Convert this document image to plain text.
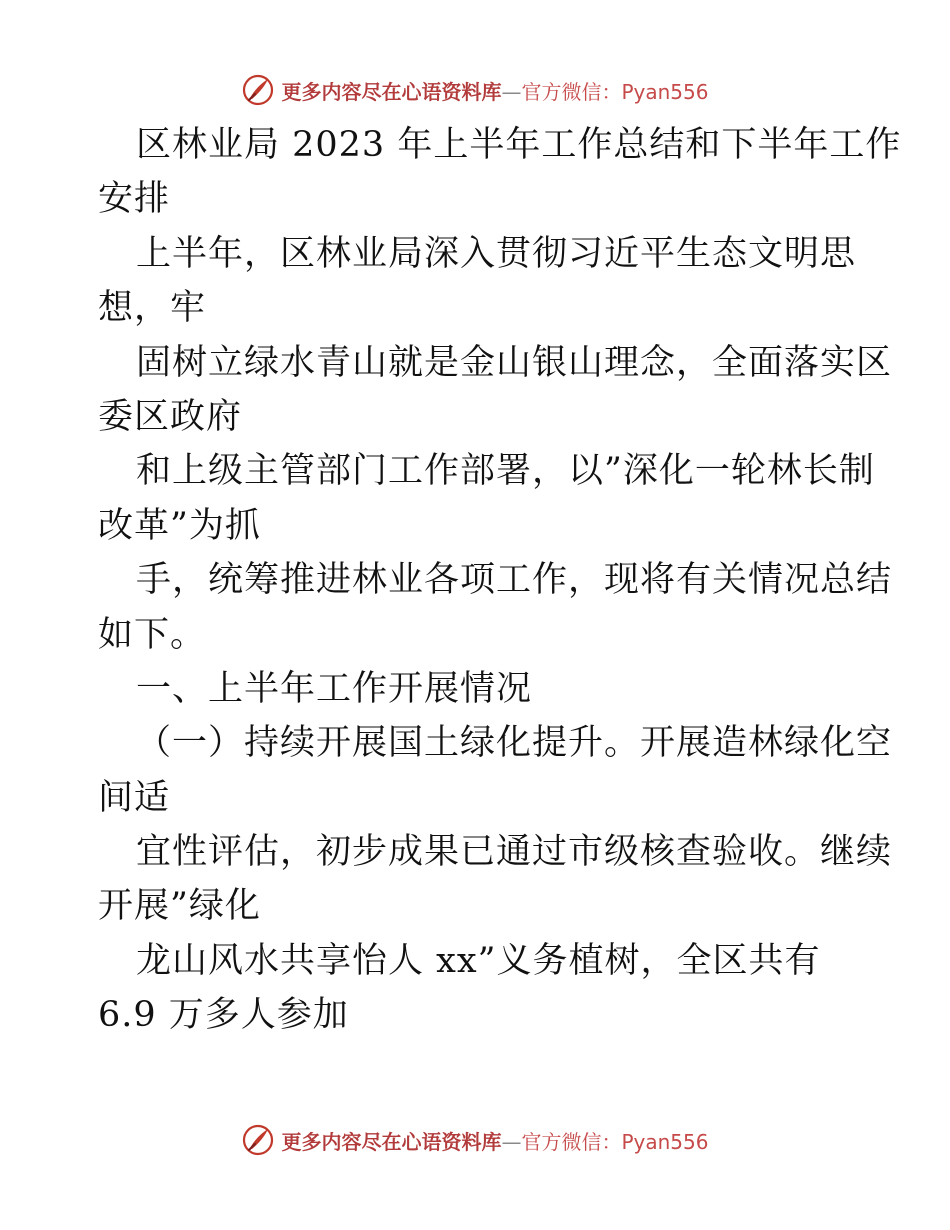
更多内容尽在心语资料库—官方微信：Pyan556
区林业局 2023 年上半年工作总结和下半年工作
安排
上半年，区林业局深入贯彻习近平生态文明思
想，牢
固树立绿水青山就是金山银山理念，全面落实区
委区政府
和上级主管部门工作部署，以”深化一轮林长制
改革”为抓
手，统筹推进林业各项工作，现将有关情况总结
如下。
一、上半年工作开展情况
（一）持续开展国土绿化提升。开展造林绿化空
间适
宜性评估，初步成果已通过市级核查验收。继续
开展”绿化
龙山风水共享怡人 xx”义务植树，全区共有
6.9 万多人参加
更多内容尽在心语资料库—官方微信：Pyan556
